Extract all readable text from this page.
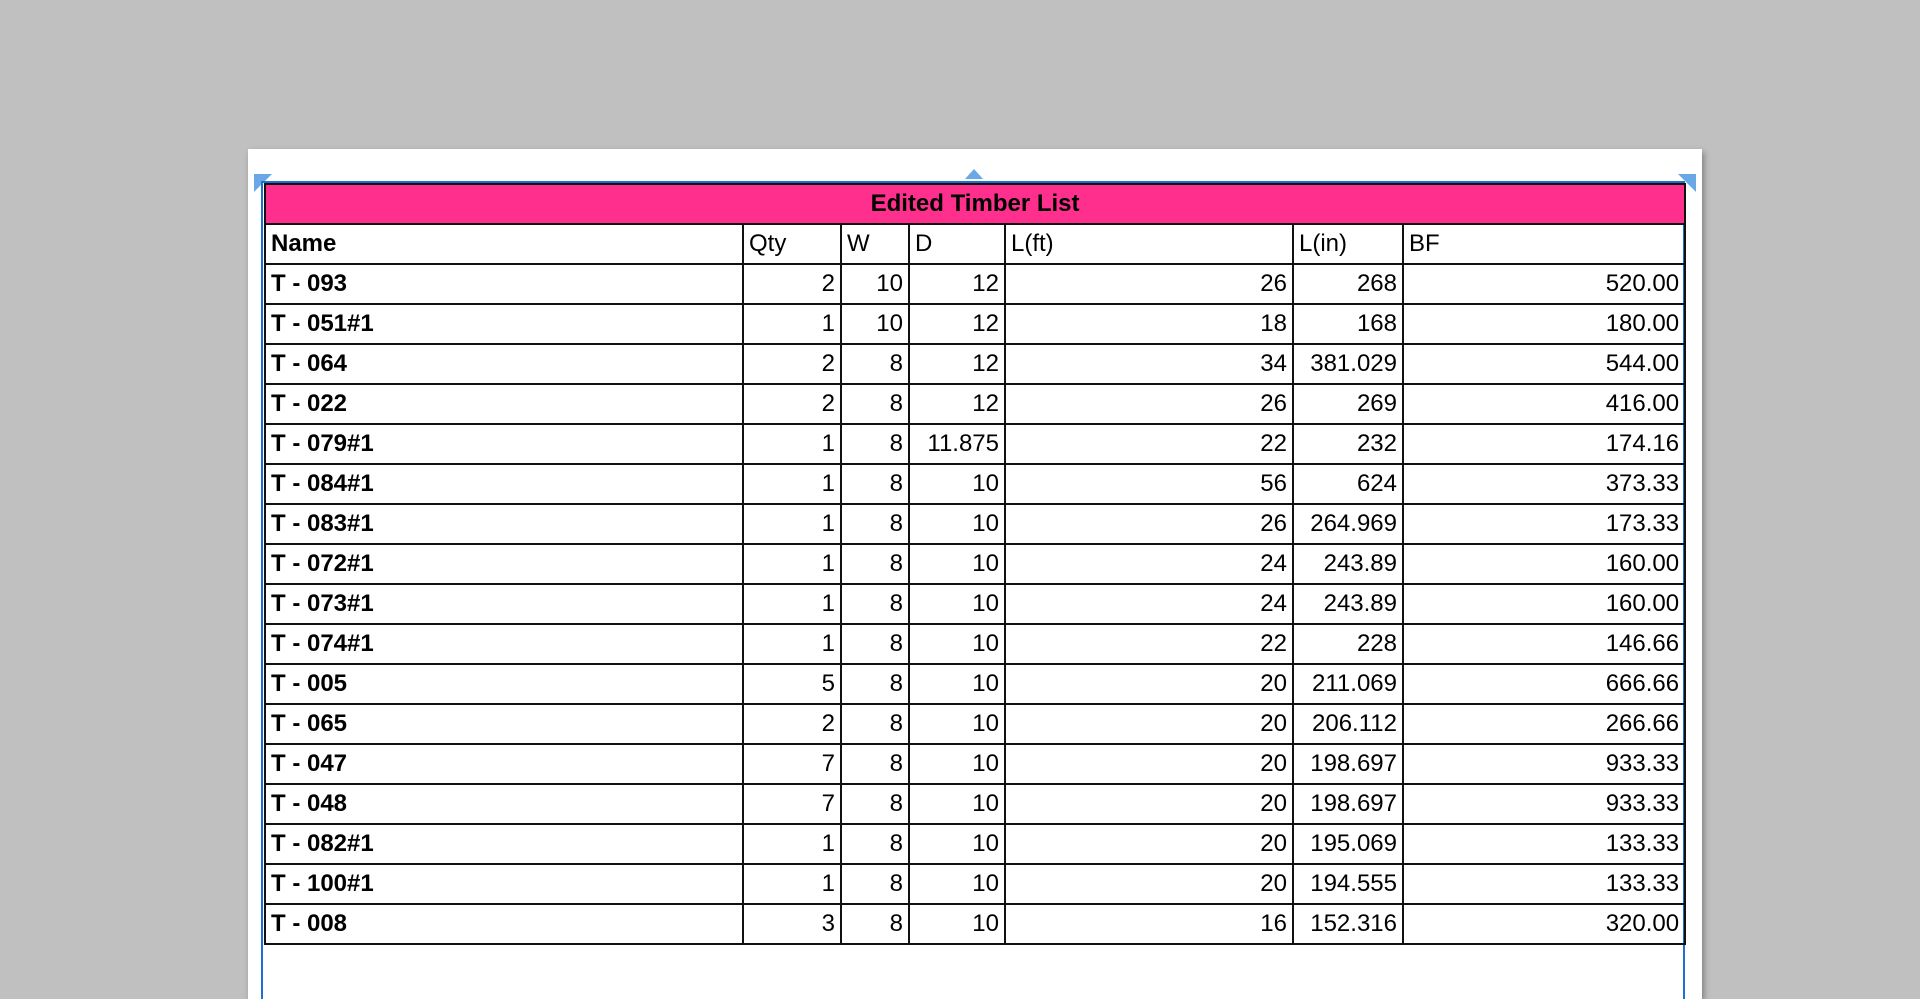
Edited Timber List						
Name	Qty	W	D	L(ft)	L(in)	BF
T - 093	2	10	12	26	268	520.00
T - 051#1	1	10	12	18	168	180.00
T - 064	2	8	12	34	381.029	544.00
T - 022	2	8	12	26	269	416.00
T - 079#1	1	8	11.875	22	232	174.16
T - 084#1	1	8	10	56	624	373.33
T - 083#1	1	8	10	26	264.969	173.33
T - 072#1	1	8	10	24	243.89	160.00
T - 073#1	1	8	10	24	243.89	160.00
T - 074#1	1	8	10	22	228	146.66
T - 005	5	8	10	20	211.069	666.66
T - 065	2	8	10	20	206.112	266.66
T - 047	7	8	10	20	198.697	933.33
T - 048	7	8	10	20	198.697	933.33
T - 082#1	1	8	10	20	195.069	133.33
T - 100#1	1	8	10	20	194.555	133.33
T - 008	3	8	10	16	152.316	320.00
